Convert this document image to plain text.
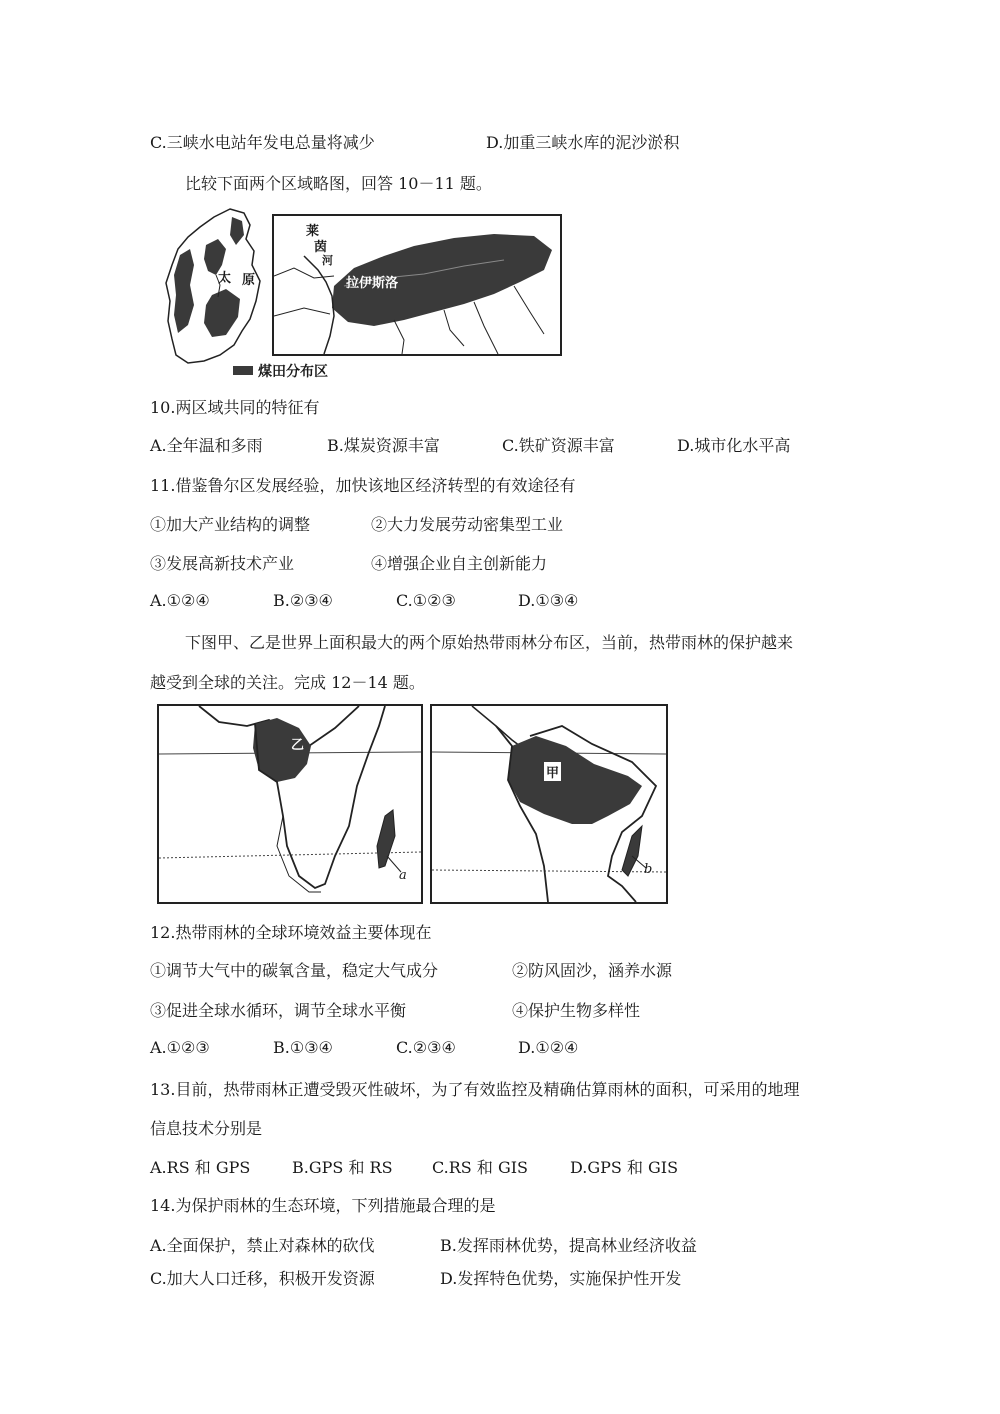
C.三峡水电站年发电总量将减少	D.加重三峡水库的泥沙淤积
比较下面两个区域略图，回答 10－11 题。
太 原
莱
茵
河
拉伊斯洛
煤田分布区
10.两区域共同的特征有
A.全年温和多雨	B.煤炭资源丰富	C.铁矿资源丰富	D.城市化水平高
11.借鉴鲁尔区发展经验，加快该地区经济转型的有效途径有
①加大产业结构的调整	②大力发展劳动密集型工业
③发展高新技术产业	④增强企业自主创新能力
A.①②④	B.②③④	C.①②③	D.①③④
下图甲、乙是世界上面积最大的两个原始热带雨林分布区，当前，热带雨林的保护越来
越受到全球的关注。完成 12－14 题。
乙
a
甲
b
12.热带雨林的全球环境效益主要体现在
①调节大气中的碳氧含量，稳定大气成分	②防风固沙，涵养水源
③促进全球水循环，调节全球水平衡	④保护生物多样性
A.①②③	B.①③④	C.②③④	D.①②④
13.目前，热带雨林正遭受毁灭性破坏，为了有效监控及精确估算雨林的面积，可采用的地理
信息技术分别是
A.RS 和 GPS	B.GPS 和 RS C.RS 和 GIS	D.GPS 和 GIS
14.为保护雨林的生态环境，下列措施最合理的是
A.全面保护，禁止对森林的砍伐	B.发挥雨林优势，提高林业经济收益
C.加大人口迁移，积极开发资源	D.发挥特色优势，实施保护性开发
